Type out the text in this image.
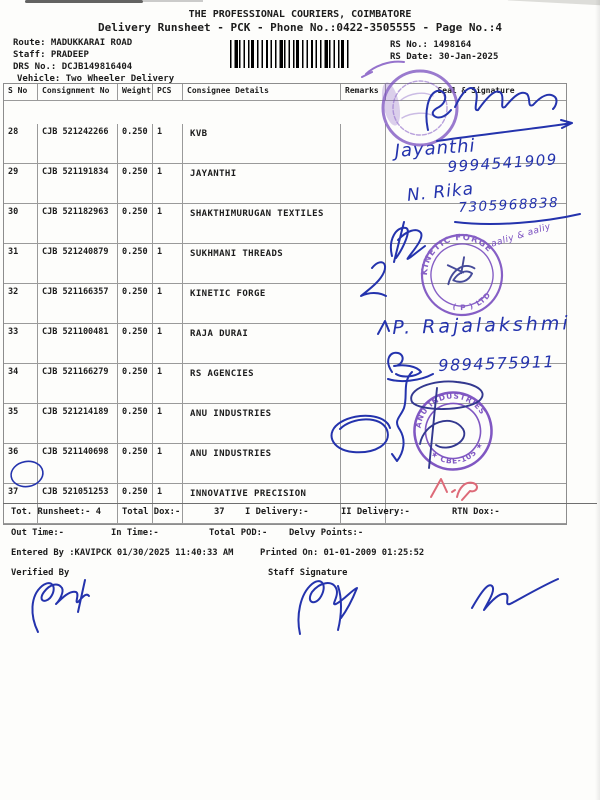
THE PROFESSIONAL COURIERS, COIMBATORE
Delivery Runsheet - PCK - Phone No.:0422-3505555 - Page No.:4
Route: MADUKKARAI ROAD
Staff: PRADEEP
DRS No.: DCJB149816404
Vehicle: Two Wheeler Delivery
RS No.: 1498164
RS Date: 30-Jan-2025
S No	Consignment No	Weight PCS	Consignee Details	Remarks	Seal & Signature
28	CJB 521242266	0.250	1	KVB
29	CJB 521191834	0.250	1	JAYANTHI
30	CJB 521182963	0.250	1	SHAKTHIMURUGAN TEXTILES
31	CJB 521240879	0.250	1	SUKHMANI THREADS
32	CJB 521166357	0.250	1	KINETIC FORGE
33	CJB 521100481	0.250	1	RAJA DURAI
34	CJB 521166279	0.250	1	RS AGENCIES
35	CJB 521214189	0.250	1	ANU INDUSTRIES
36	CJB 521140698	0.250	1	ANU INDUSTRIES
37	CJB 521051253	0.250	1	INNOVATIVE PRECISION
Tot. Runsheet:- 4 Total Dox:-	37 I Delivery:-	II Delivery:-	RTN Dox:-
Out Time:-	In Time:-	Total POD:- Delvy Points:-
Entered By :KAVIPCK 01/30/2025 11:40:33 AM	Printed On: 01-01-2009 01:25:52
Verified By	Staff Signature
Jayanthi
9994541909
N. Rika
7305968838
aaliy & aaliy
P. Rajalakshmi
9894575911
KINETIC FORGE
( P ) LTD
ANU INDUSTRIES
★ CBE-105 ★
